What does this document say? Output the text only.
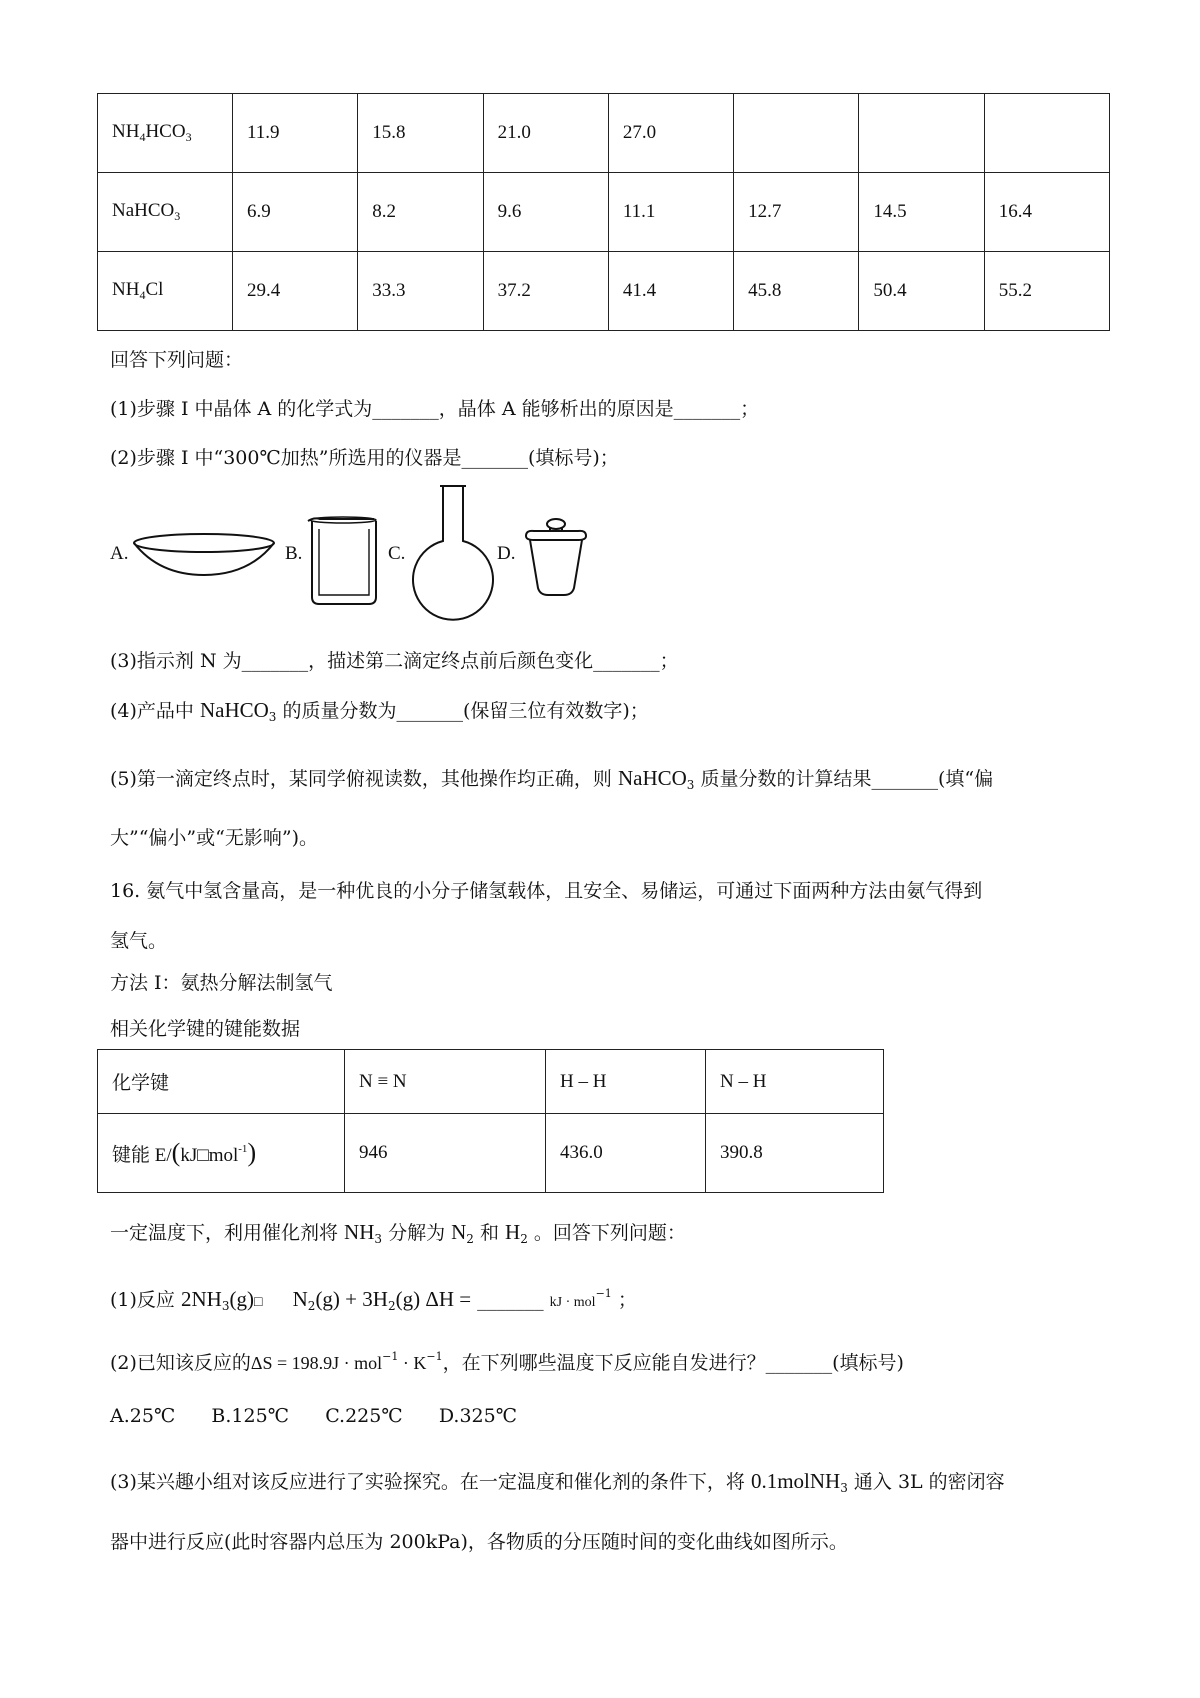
$NH_4HCO_3$	11.9	15.8	21.0	27.0			
NaHCO$_3$	6.9	8.2	9.6	11.1	12.7	14.5	16.4
$NH_4Cl$	29.4	33.3	37.2	41.4	45.8	50.4	55.2
回答下列问题：
(1)步骤 I 中晶体 A 的化学式为_______，晶体 A 能够析出的原因是_______；
(2)步骤 I 中“300℃加热”所选用的仪器是_______(填标号)；
A.	B.	C.	D.
(3)指示剂 N 为_______，描述第二滴定终点前后颜色变化_______；
(4)产品中 NaHCO$_3$ 的质量分数为_______(保留三位有效数字)；
(5)第一滴定终点时，某同学俯视读数，其他操作均正确，则 NaHCO$_3$ 质量分数的计算结果_______(填“偏
大”“偏小”或“无影响”)。
16. 氨气中氢含量高，是一种优良的小分子储氢载体，且安全、易储运，可通过下面两种方法由氨气得到
氢气。
方法 I：氨热分解法制氢气
相关化学键的键能数据
化学键	N ≡ N	H – H	N – H
键能 E/(kJ□mol$^{-1}$)	946	436.0	390.8
一定温度下，利用催化剂将 $NH_3$ 分解为 $N_2$ 和 $H_2$ 。回答下列问题：
(1)反应 $2NH_3(g)□$ $N_2(g) + 3H_2(g) \Delta H$ = _______ kJ · mol$^{-1}$ ；
(2)已知该反应的$\Delta S = 198.9J \cdot mol^{-1} \cdot K^{-1}$，在下列哪些温度下反应能自发进行？_______(填标号)
A.25℃      B.125℃      C.225℃      D.325℃
(3)某兴趣小组对该反应进行了实验探究。在一定温度和催化剂的条件下，将 0.1molNH$_3$ 通入 3L 的密闭容
器中进行反应(此时容器内总压为 200kPa)，各物质的分压随时间的变化曲线如图所示。
